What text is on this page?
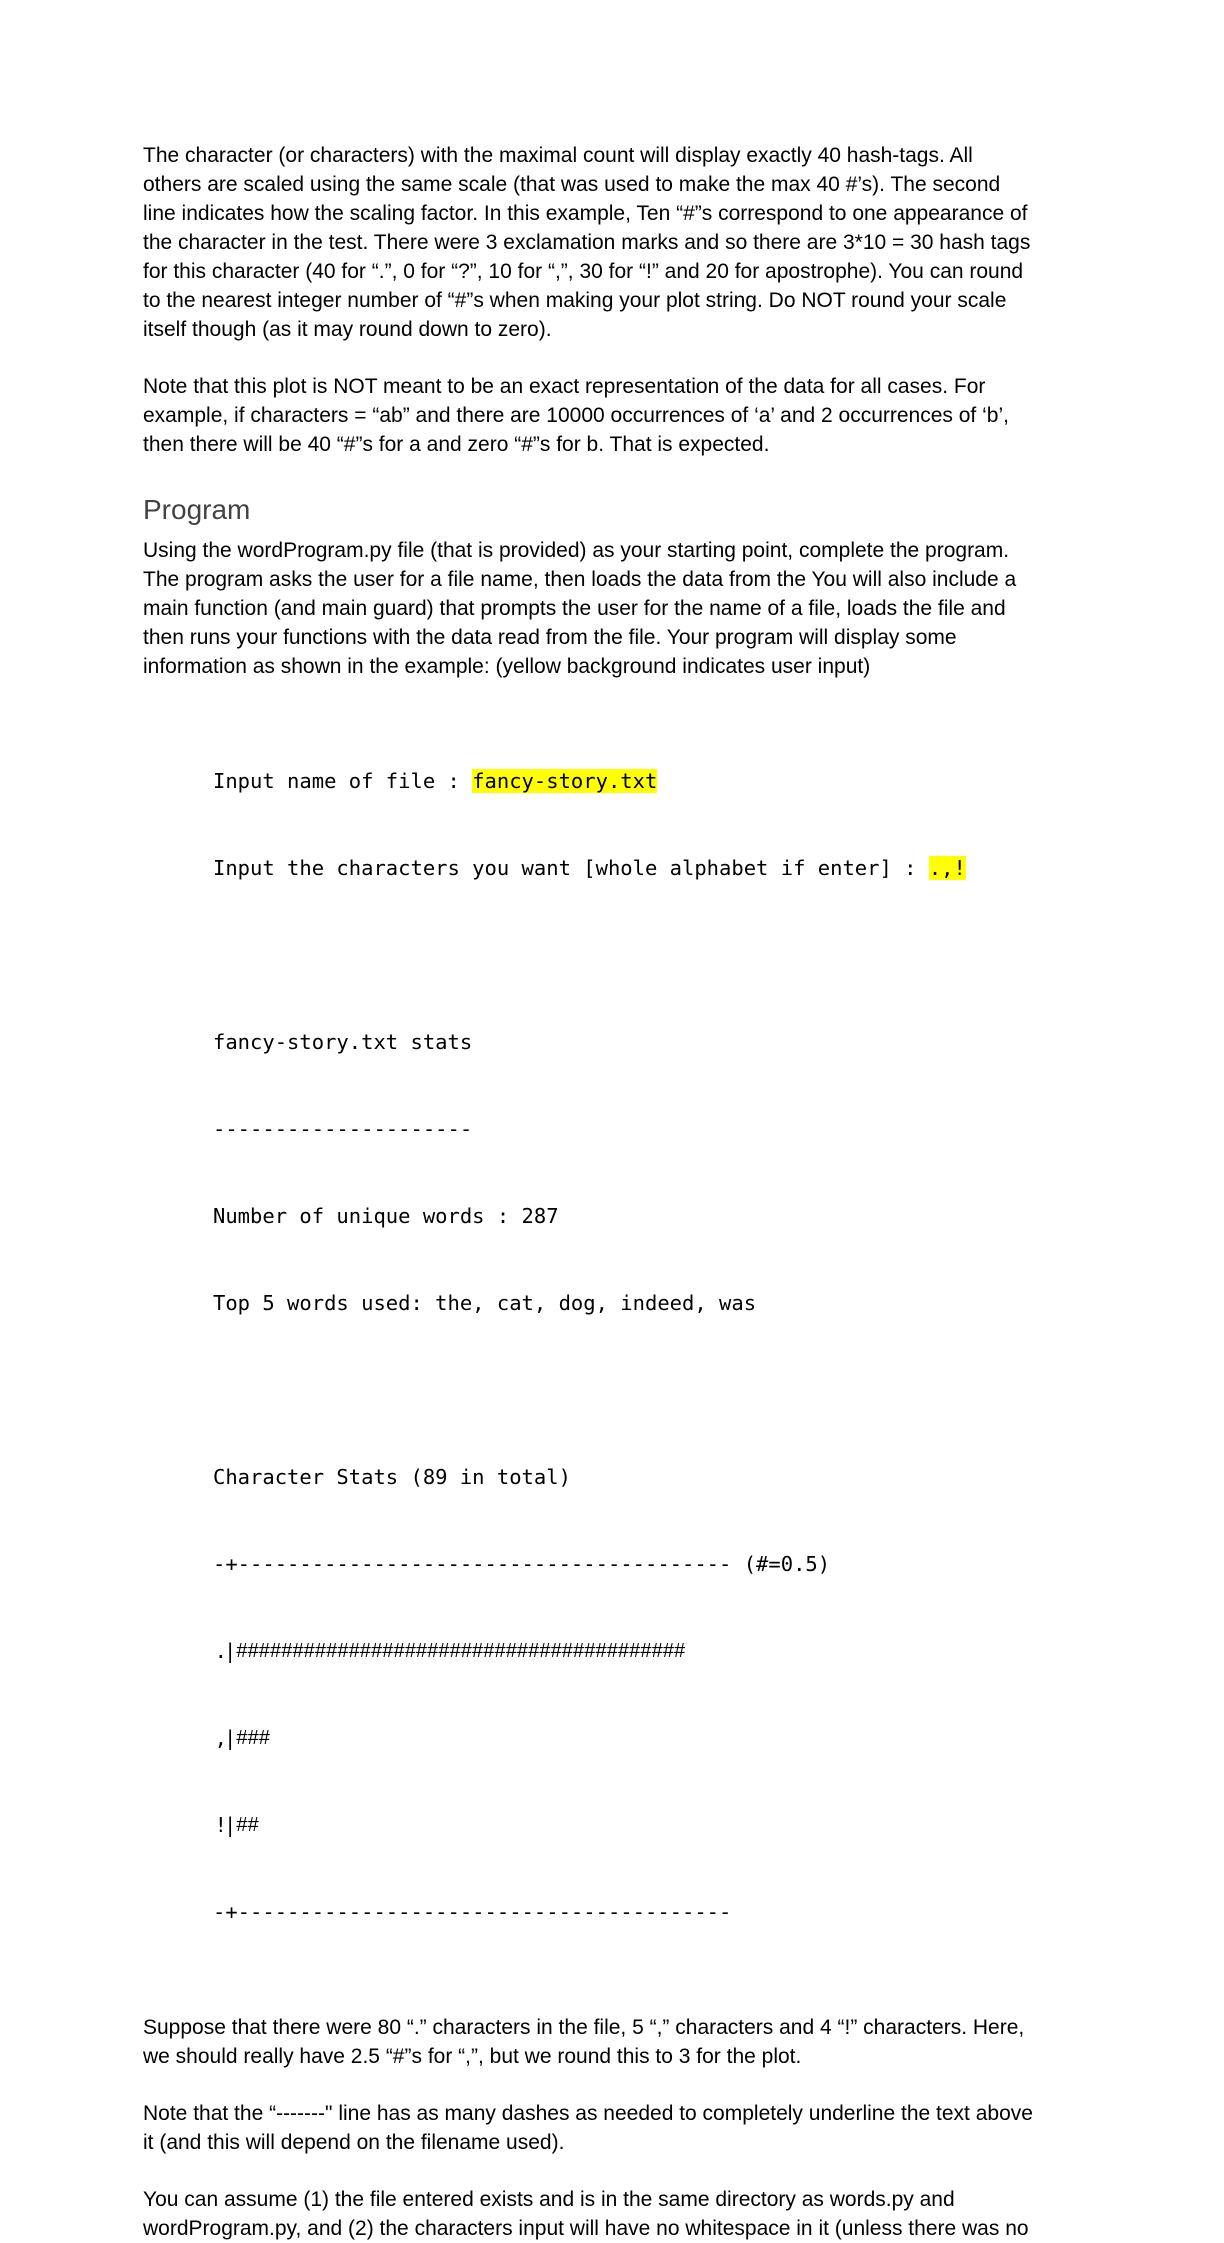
The character (or characters) with the maximal count will display exactly 40 hash-tags. All
others are scaled using the same scale (that was used to make the max 40 #’s). The second
line indicates how the scaling factor. In this example, Ten “#”s correspond to one appearance of
the character in the test. There were 3 exclamation marks and so there are 3*10 = 30 hash tags
for this character (40 for “.”, 0 for “?”, 10 for “,”, 30 for “!” and 20 for apostrophe). You can round
to the nearest integer number of “#”s when making your plot string. Do NOT round your scale
itself though (as it may round down to zero).

Note that this plot is NOT meant to be an exact representation of the data for all cases. For
example, if characters = “ab” and there are 10000 occurrences of ‘a’ and 2 occurrences of ‘b’,
then there will be 40 “#”s for a and zero “#”s for b. That is expected.

Program

Using the wordProgram.py file (that is provided) as your starting point, complete the program.
The program asks the user for a file name, then loads the data from the You will also include a
main function (and main guard) that prompts the user for the name of a file, loads the file and
then runs your functions with the data read from the file. Your program will display some
information as shown in the example: (yellow background indicates user input)

Input name of file : fancy-story.txt

Input the characters you want [whole alphabet if enter] : .,!

fancy-story.txt stats

---------------------

Number of unique words : 287

Top 5 words used: the, cat, dog, indeed, was

Character Stats (89 in total)

-+---------------------------------------- (#=0.5)

.
| ########################################

,
| ###

!
| ##

-+----------------------------------------

Suppose that there were 80 “.” characters in the file, 5 “,” characters and 4 “!” characters. Here,
we should really have 2.5 “#”s for “,”, but we round this to 3 for the plot.

Note that the “-------" line has as many dashes as needed to completely underline the text above
it (and this will depend on the filename used).

You can assume (1) the file entered exists and is in the same directory as words.py and
wordProgram.py, and (2) the characters input will have no whitespace in it (unless there was no
